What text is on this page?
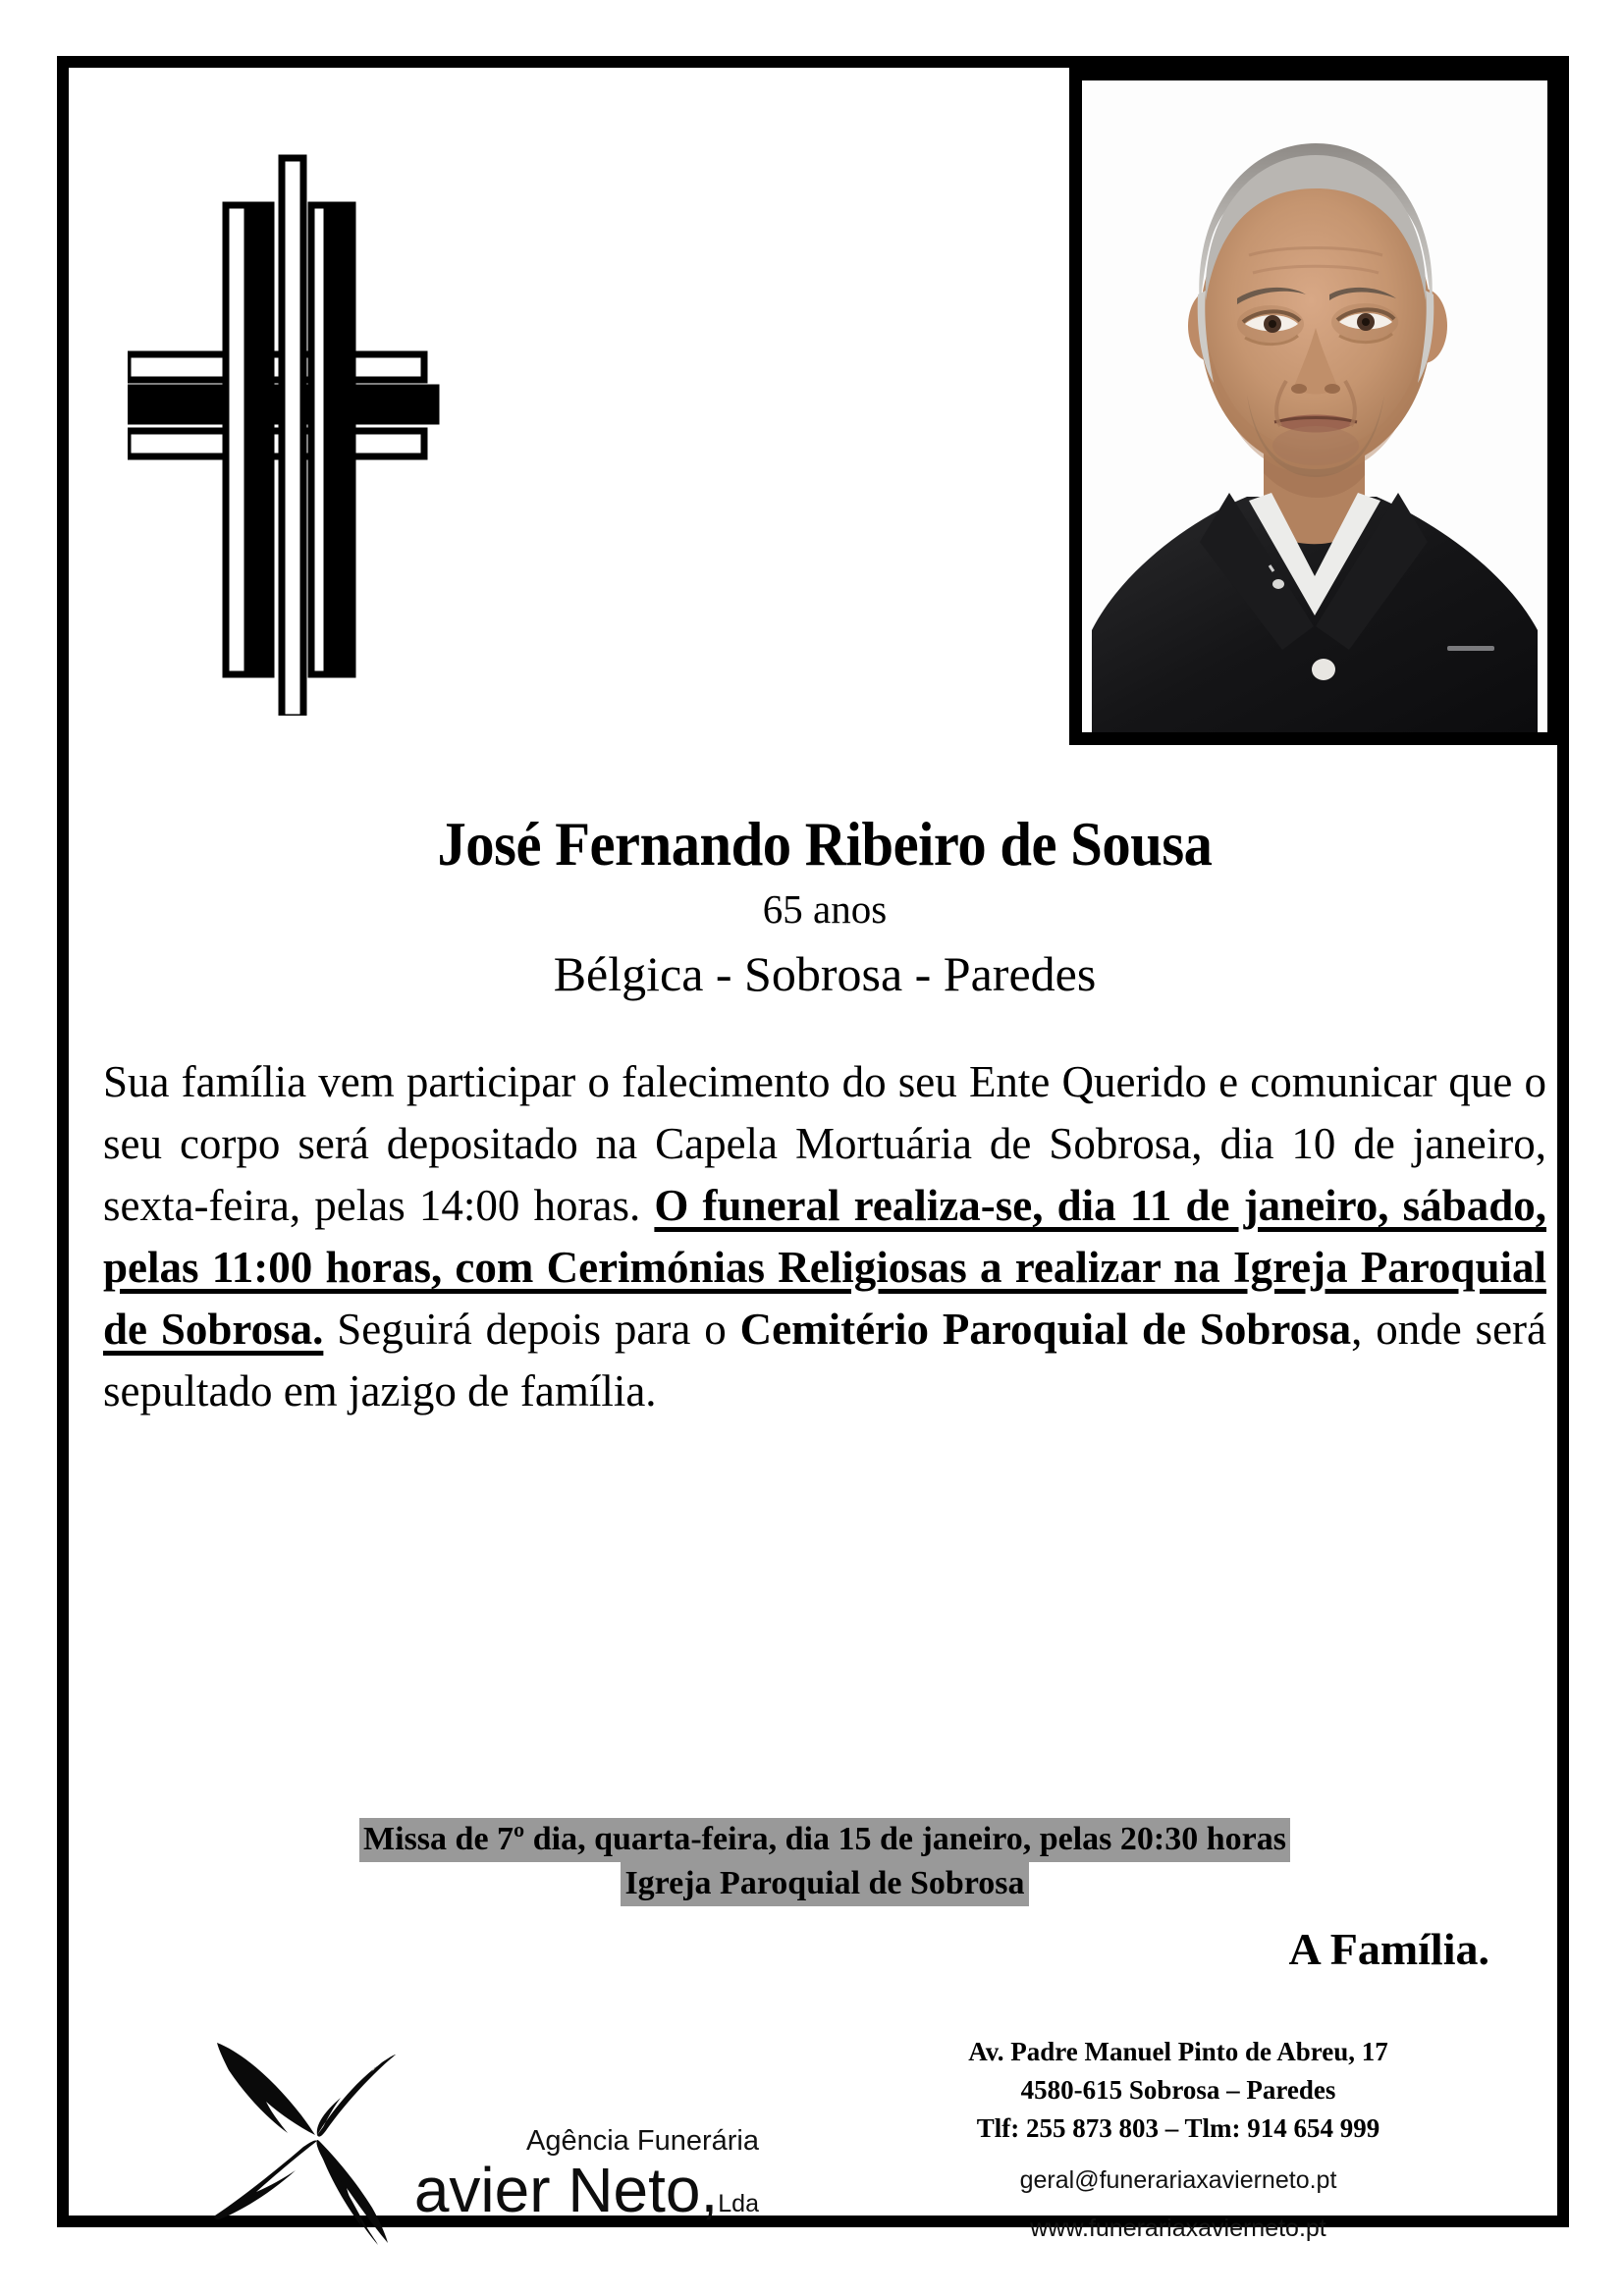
José Fernando Ribeiro de Sousa
65 anos
Bélgica - Sobrosa - Paredes
Sua família vem participar o falecimento do seu Ente Querido e comunicar que o seu corpo será depositado na Capela Mortuária de Sobrosa, dia 10 de janeiro, sexta-feira, pelas 14:00 horas. O funeral realiza-se, dia 11 de janeiro, sábado, pelas 11:00 horas, com Cerimónias Religiosas a realizar na Igreja Paroquial de Sobrosa. Seguirá depois para o Cemitério Paroquial de Sobrosa, onde será sepultado em jazigo de família.
Missa de 7º dia, quarta-feira, dia 15 de janeiro, pelas 20:30 horas
Igreja Paroquial de Sobrosa
A Família.
Agência Funerária
avier Neto,Lda
Av. Padre Manuel Pinto de Abreu, 17
4580-615 Sobrosa – Paredes
Tlf: 255 873 803 – Tlm: 914 654 999
geral@funerariaxavierneto.pt
www.funerariaxavierneto.pt
